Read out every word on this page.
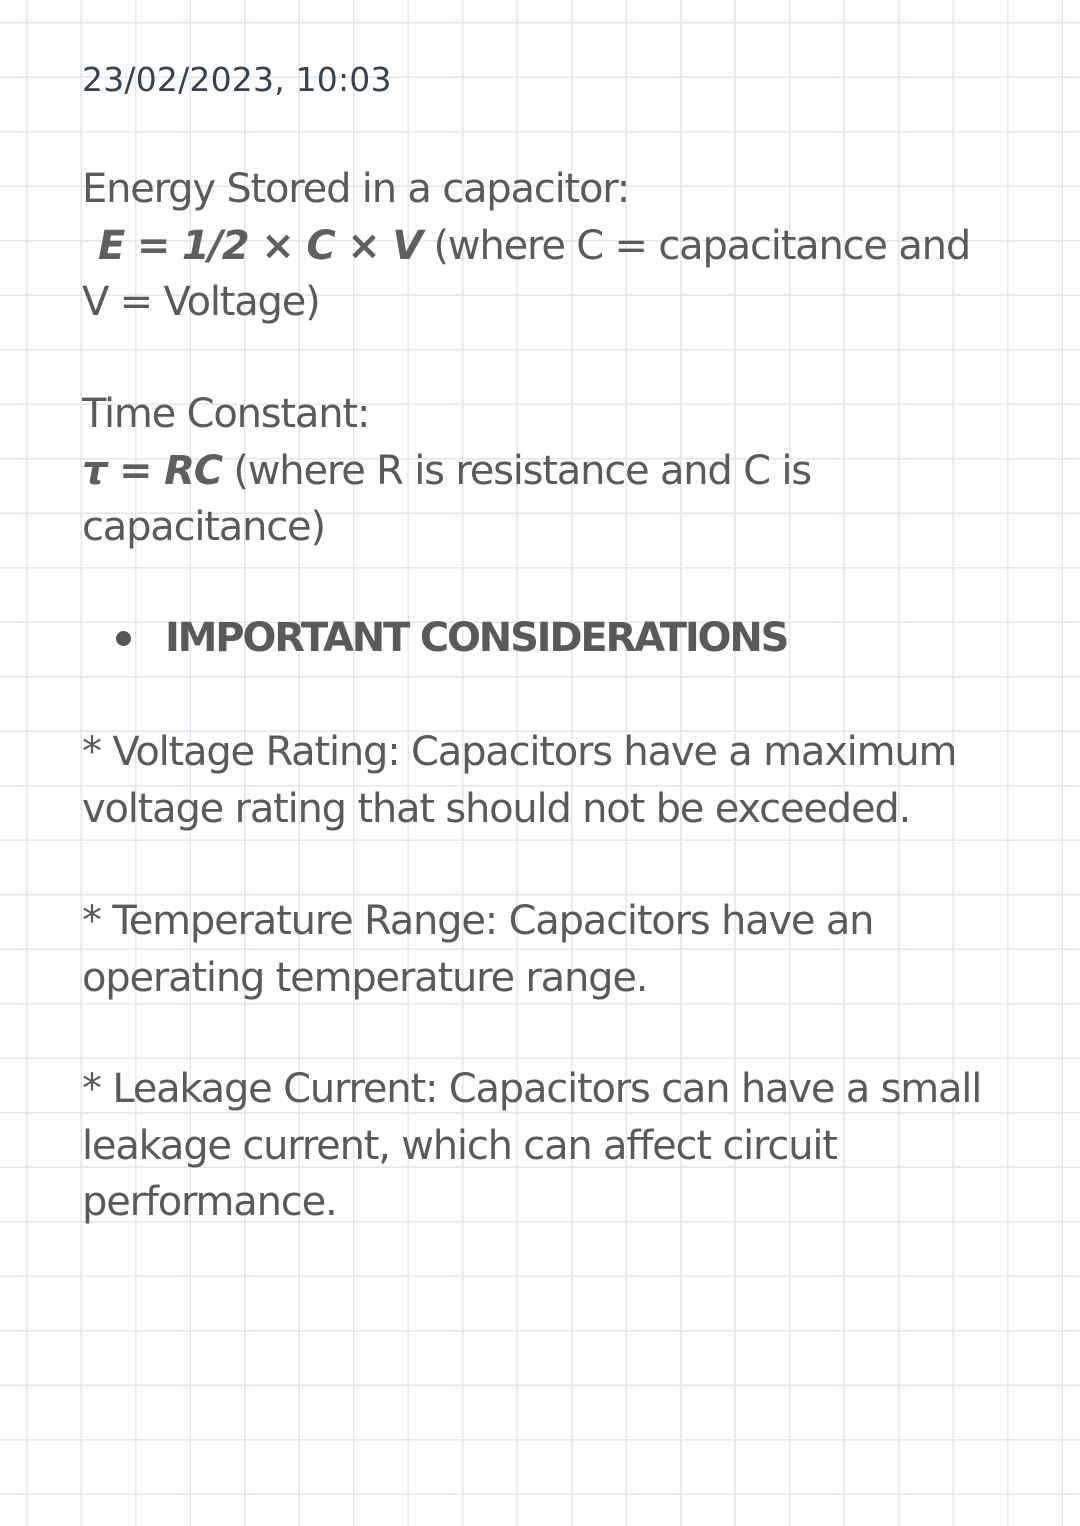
23/02/2023, 10:03
Energy Stored in a capacitor:
E = 1/2 × C × V (where C = capacitance and V = Voltage)
Time Constant:
τ = RC (where R is resistance and C is capacitance)
IMPORTANT CONSIDERATIONS
* Voltage Rating: Capacitors have a maximum voltage rating that should not be exceeded.
* Temperature Range: Capacitors have an operating temperature range.
* Leakage Current: Capacitors can have a small leakage current, which can affect circuit performance.
